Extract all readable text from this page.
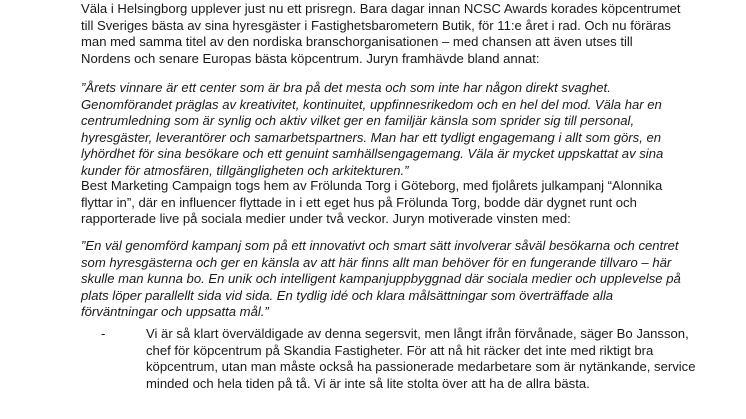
Väla i Helsingborg upplever just nu ett prisregn. Bara dagar innan NCSC Awards korades köpcentrumet
till Sveriges bästa av sina hyresgäster i Fastighetsbarometern Butik, för 11:e året i rad. Och nu föräras
man med samma titel av den nordiska branschorganisationen – med chansen att även utses till
Nordens och senare Europas bästa köpcentrum. Juryn framhävde bland annat:

”Årets vinnare är ett center som är bra på det mesta och som inte har någon direkt svaghet.
Genomförandet präglas av kreativitet, kontinuitet, uppfinnesrikedom och en hel del mod. Väla har en
centrumledning som är synlig och aktiv vilket ger en familjär känsla som sprider sig till personal,
hyresgäster, leverantörer och samarbetspartners. Man har ett tydligt engagemang i allt som görs, en
lyhördhet för sina besökare och ett genuint samhällsengagemang. Väla är mycket uppskattat av sina
kunder för atmosfären, tillgängligheten och arkitekturen.”

Best Marketing Campaign togs hem av Frölunda Torg i Göteborg, med fjolårets julkampanj “Alonnika
flyttar in”, där en influencer flyttade in i ett eget hus på Frölunda Torg, bodde där dygnet runt och
rapporterade live på sociala medier under två veckor. Juryn motiverade vinsten med:

”En väl genomförd kampanj som på ett innovativt och smart sätt involverar såväl besökarna och centret
som hyresgästerna och ger en känsla av att här finns allt man behöver för en fungerande tillvaro – här
skulle man kunna bo. En unik och intelligent kampanjuppbyggnad där sociala medier och upplevelse på
plats löper parallellt sida vid sida. En tydlig idé och klara målsättningar som överträffade alla
förväntningar och uppsatta mål.”

-	Vi är så klart överväldigade av denna segersvit, men långt ifrån förvånade, säger Bo Jansson,
chef för köpcentrum på Skandia Fastigheter. För att nå hit räcker det inte med riktigt bra
köpcentrum, utan man måste också ha passionerade medarbetare som är nytänkande, service
minded och hela tiden på tå. Vi är inte så lite stolta över att ha de allra bästa.
